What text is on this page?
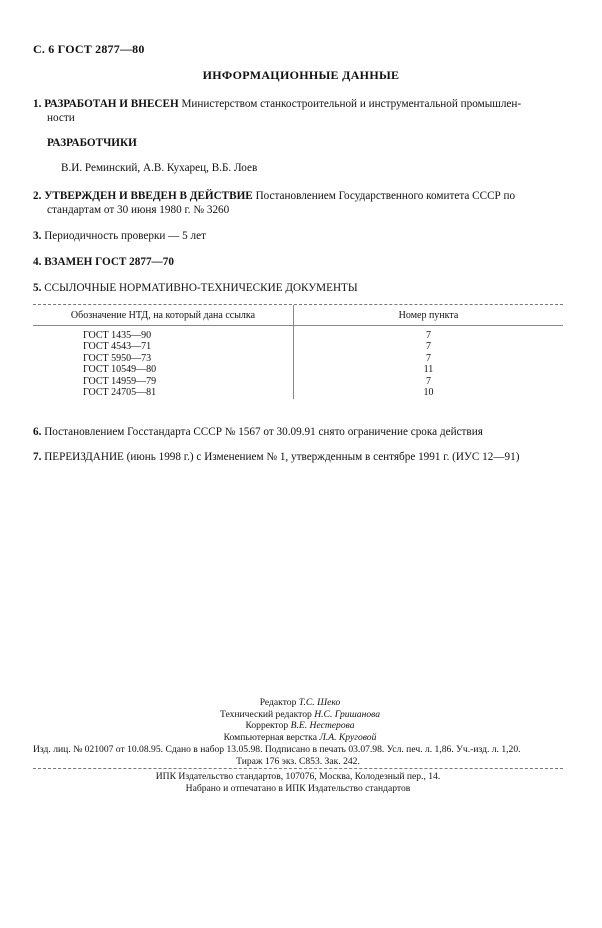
С. 6 ГОСТ 2877—80
ИНФОРМАЦИОННЫЕ ДАННЫЕ
1. РАЗРАБОТАН И ВНЕСЕН Министерством станкостроительной и инструментальной промышлен-
ности
РАЗРАБОТЧИКИ
В.И. Реминский, А.В. Кухарец, В.Б. Лоев
2. УТВЕРЖДЕН И ВВЕДЕН В ДЕЙСТВИЕ Постановлением Государственного комитета СССР по
стандартам от 30 июня 1980 г. № 3260
3. Периодичность проверки — 5 лет
4. ВЗАМЕН ГОСТ 2877—70
5. ССЫЛОЧНЫЕ НОРМАТИВНО-ТЕХНИЧЕСКИЕ ДОКУМЕНТЫ
Обозначение НТД, на который дана ссылка	Номер пункта

ГОСТ 1435—90	7
ГОСТ 4543—71	7
ГОСТ 5950—73	7
ГОСТ 10549—80	11
ГОСТ 14959—79	7
ГОСТ 24705—81	10
6. Постановлением Госстандарта СССР № 1567 от 30.09.91 снято ограничение срока действия
7. ПЕРЕИЗДАНИЕ (июнь 1998 г.) с Изменением № 1, утвержденным в сентябре 1991 г. (ИУС 12—91)
Редактор Т.С. Шеко
Технический редактор Н.С. Гришанова
Корректор В.Е. Нестерова
Компьютерная верстка Л.А. Круговой
Изд. лиц. № 021007 от 10.08.95. Сдано в набор 13.05.98. Подписано в печать 03.07.98. Усл. печ. л. 1,86. Уч.-изд. л. 1,20.
Тираж 176 экз. С853. Зак. 242.
ИПК Издательство стандартов, 107076, Москва, Колодезный пер., 14.
Набрано и отпечатано в ИПК Издательство стандартов
